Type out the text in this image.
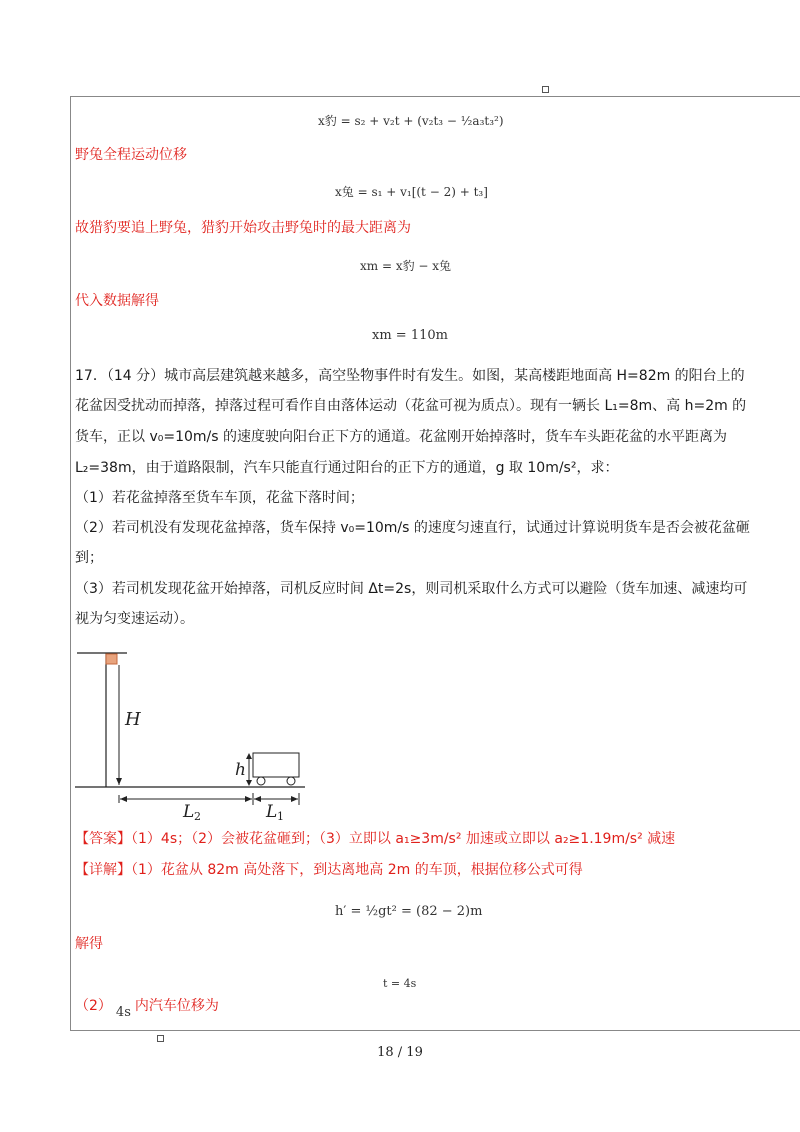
x豹 = s₂ + v₂t + (v₂t₃ − ½a₃t₃²)
野兔全程运动位移
x兔 = s₁ + v₁[(t − 2) + t₃]
故猎豹要追上野兔，猎豹开始攻击野兔时的最大距离为
xm = x豹 − x兔
代入数据解得
xm = 110m
17．（14 分）城市高层建筑越来越多，高空坠物事件时有发生。如图，某高楼距地面高 H=82m 的阳台上的
花盆因受扰动而掉落，掉落过程可看作自由落体运动（花盆可视为质点）。现有一辆长 L₁=8m、高 h=2m 的
货车，正以 v₀=10m/s 的速度驶向阳台正下方的通道。花盆刚开始掉落时，货车车头距花盆的水平距离为
L₂=38m，由于道路限制，汽车只能直行通过阳台的正下方的通道，g 取 10m/s²，求：
（1）若花盆掉落至货车车顶，花盆下落时间；
（2）若司机没有发现花盆掉落，货车保持 v₀=10m/s 的速度匀速直行，试通过计算说明货车是否会被花盆砸
到；
（3）若司机发现花盆开始掉落，司机反应时间 Δt=2s，则司机采取什么方式可以避险（货车加速、减速均可
视为匀变速运动）。
H
h
L 2	L 1
【答案】（1）4s；（2）会被花盆砸到；（3）立即以 a₁≥3m/s² 加速或立即以 a₂≥1.19m/s² 减速
【详解】（1）花盆从 82m 高处落下，到达离地高 2m 的车顶，根据位移公式可得
h′ = ½gt² = (82 − 2)m
解得
t = 4s
（2） 4s 内汽车位移为
18 / 19
